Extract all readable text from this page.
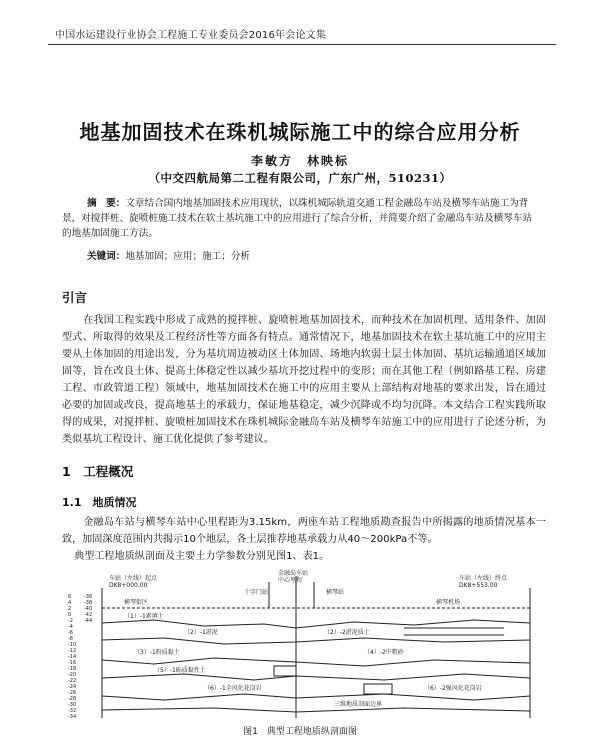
中国水运建设行业协会工程施工专业委员会2016年会论文集
地基加固技术在珠机城际施工中的综合应用分析
李敏方　林映标
（中交四航局第二工程有限公司，广东广州，510231）
摘　要：文章结合国内地基加固技术应用现状，以珠机城际轨道交通工程金融岛车站及横琴车站施工为背景，对搅拌桩、旋喷桩施工技术在软土基坑施工中的应用进行了综合分析，并简要介绍了金融岛车站及横琴车站的地基加固施工方法。
关键词：地基加固；应用；施工；分析
引言
在我国工程实践中形成了成熟的搅拌桩、旋喷桩地基加固技术，而种技术在加固机理、适用条件、加固型式、所取得的效果及工程经济性等方面各有特点。通常情况下，地基加固技术在软土基坑施工中的应用主要从土体加固的用途出发，分为基坑周边被动区土体加固、场地内软弱土层土体加固、基坑运输通道区域加固等，旨在改良土体、提高土体稳定性以减少基坑开挖过程中的变形；而在其他工程（例如路基工程、房建工程、市政管道工程）领域中，地基加固技术在施工中的应用主要从上部结构对地基的要求出发，旨在通过必要的加固或改良，提高地基土的承载力，保证地基稳定，减少沉降或不均匀沉降。本文结合工程实践所取得的成果，对搅拌桩、旋喷桩加固技术在珠机城际金融岛车站及横琴车站施工中的应用进行了论述分析，为类似基坑工程设计、施工优化提供了参考建议。
1　工程概况
1.1　地质情况
金融岛车站与横琴车站中心里程距为3.15km，两座车站工程地质勘查报告中所揭露的地质情况基本一致，加固深度范围内共揭示10个地层，各土层推荐地基承载力从40～200kPa不等。
典型工程地质纵剖面及主要土力学参数分别见图1、表1。
6
4
2
0
-2
-4
-6
-8
-10
-12
-14
-16
-18
-20
-22
-24
-26
-28
-30
-32
-34
-36
-38
-40
-42
-44
车站（左线）起点
DK8+000.00
金融岛车站
中心里程	车站（左线）终点
DK8+553.00
横琴街区	横琴机场
十字门站	横琴站
（1）-1素填土
（2）-1淤泥	（2）-2淤泥质土
（3）-1粉质黏土	（4）-2中粗砂
（5）-1砾质黏性土
（6）-1全风化花岗岩	（6）-2强风化花岗岩
三维地质剖面边界
图1　典型工程地质纵剖面图
